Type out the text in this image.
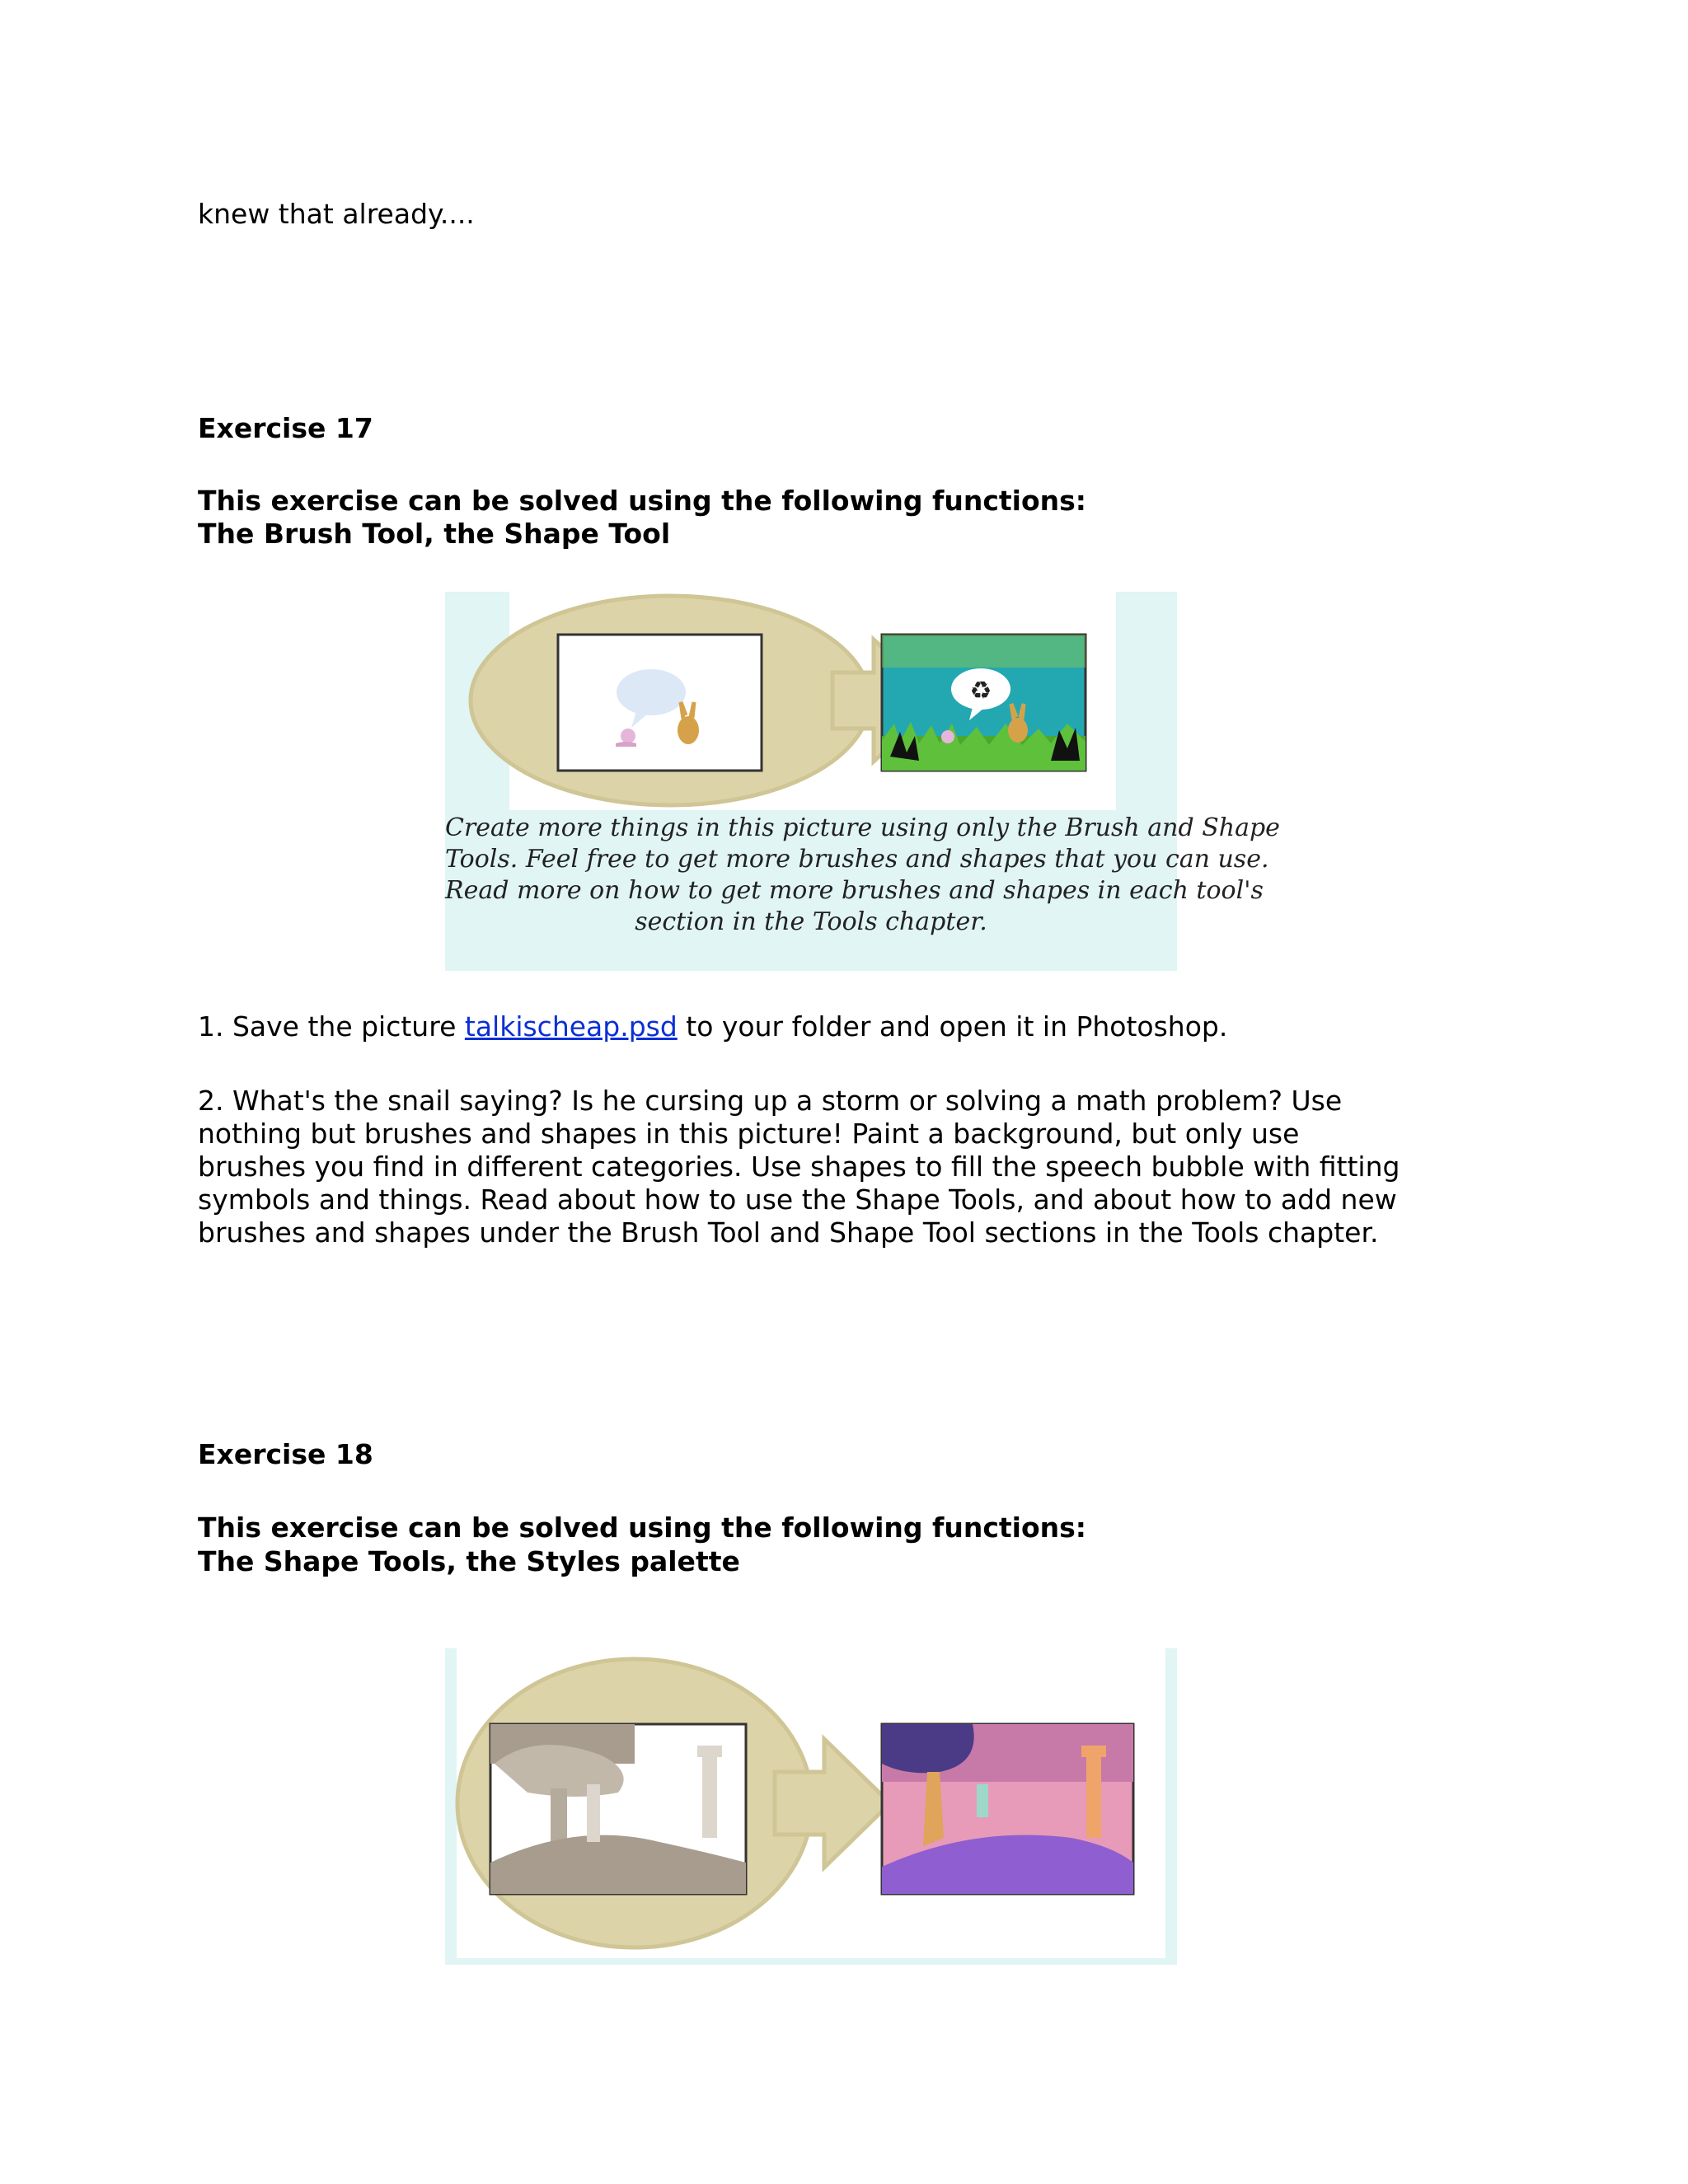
knew that already....
Exercise 17
This exercise can be solved using the following functions:
The Brush Tool, the Shape Tool
♻
Create more things in this picture using only the Brush and Shape
Tools. Feel free to get more brushes and shapes that you can use.
Read more on how to get more brushes and shapes in each tool's
section in the Tools chapter.
1. Save the picture talkischeap.psd to your folder and open it in Photoshop.
2. What's the snail saying? Is he cursing up a storm or solving a math problem? Use
nothing but brushes and shapes in this picture! Paint a background, but only use
brushes you find in different categories. Use shapes to fill the speech bubble with fitting
symbols and things. Read about how to use the Shape Tools, and about how to add new
brushes and shapes under the Brush Tool and Shape Tool sections in the Tools chapter.
Exercise 18
This exercise can be solved using the following functions:
The Shape Tools, the Styles palette
